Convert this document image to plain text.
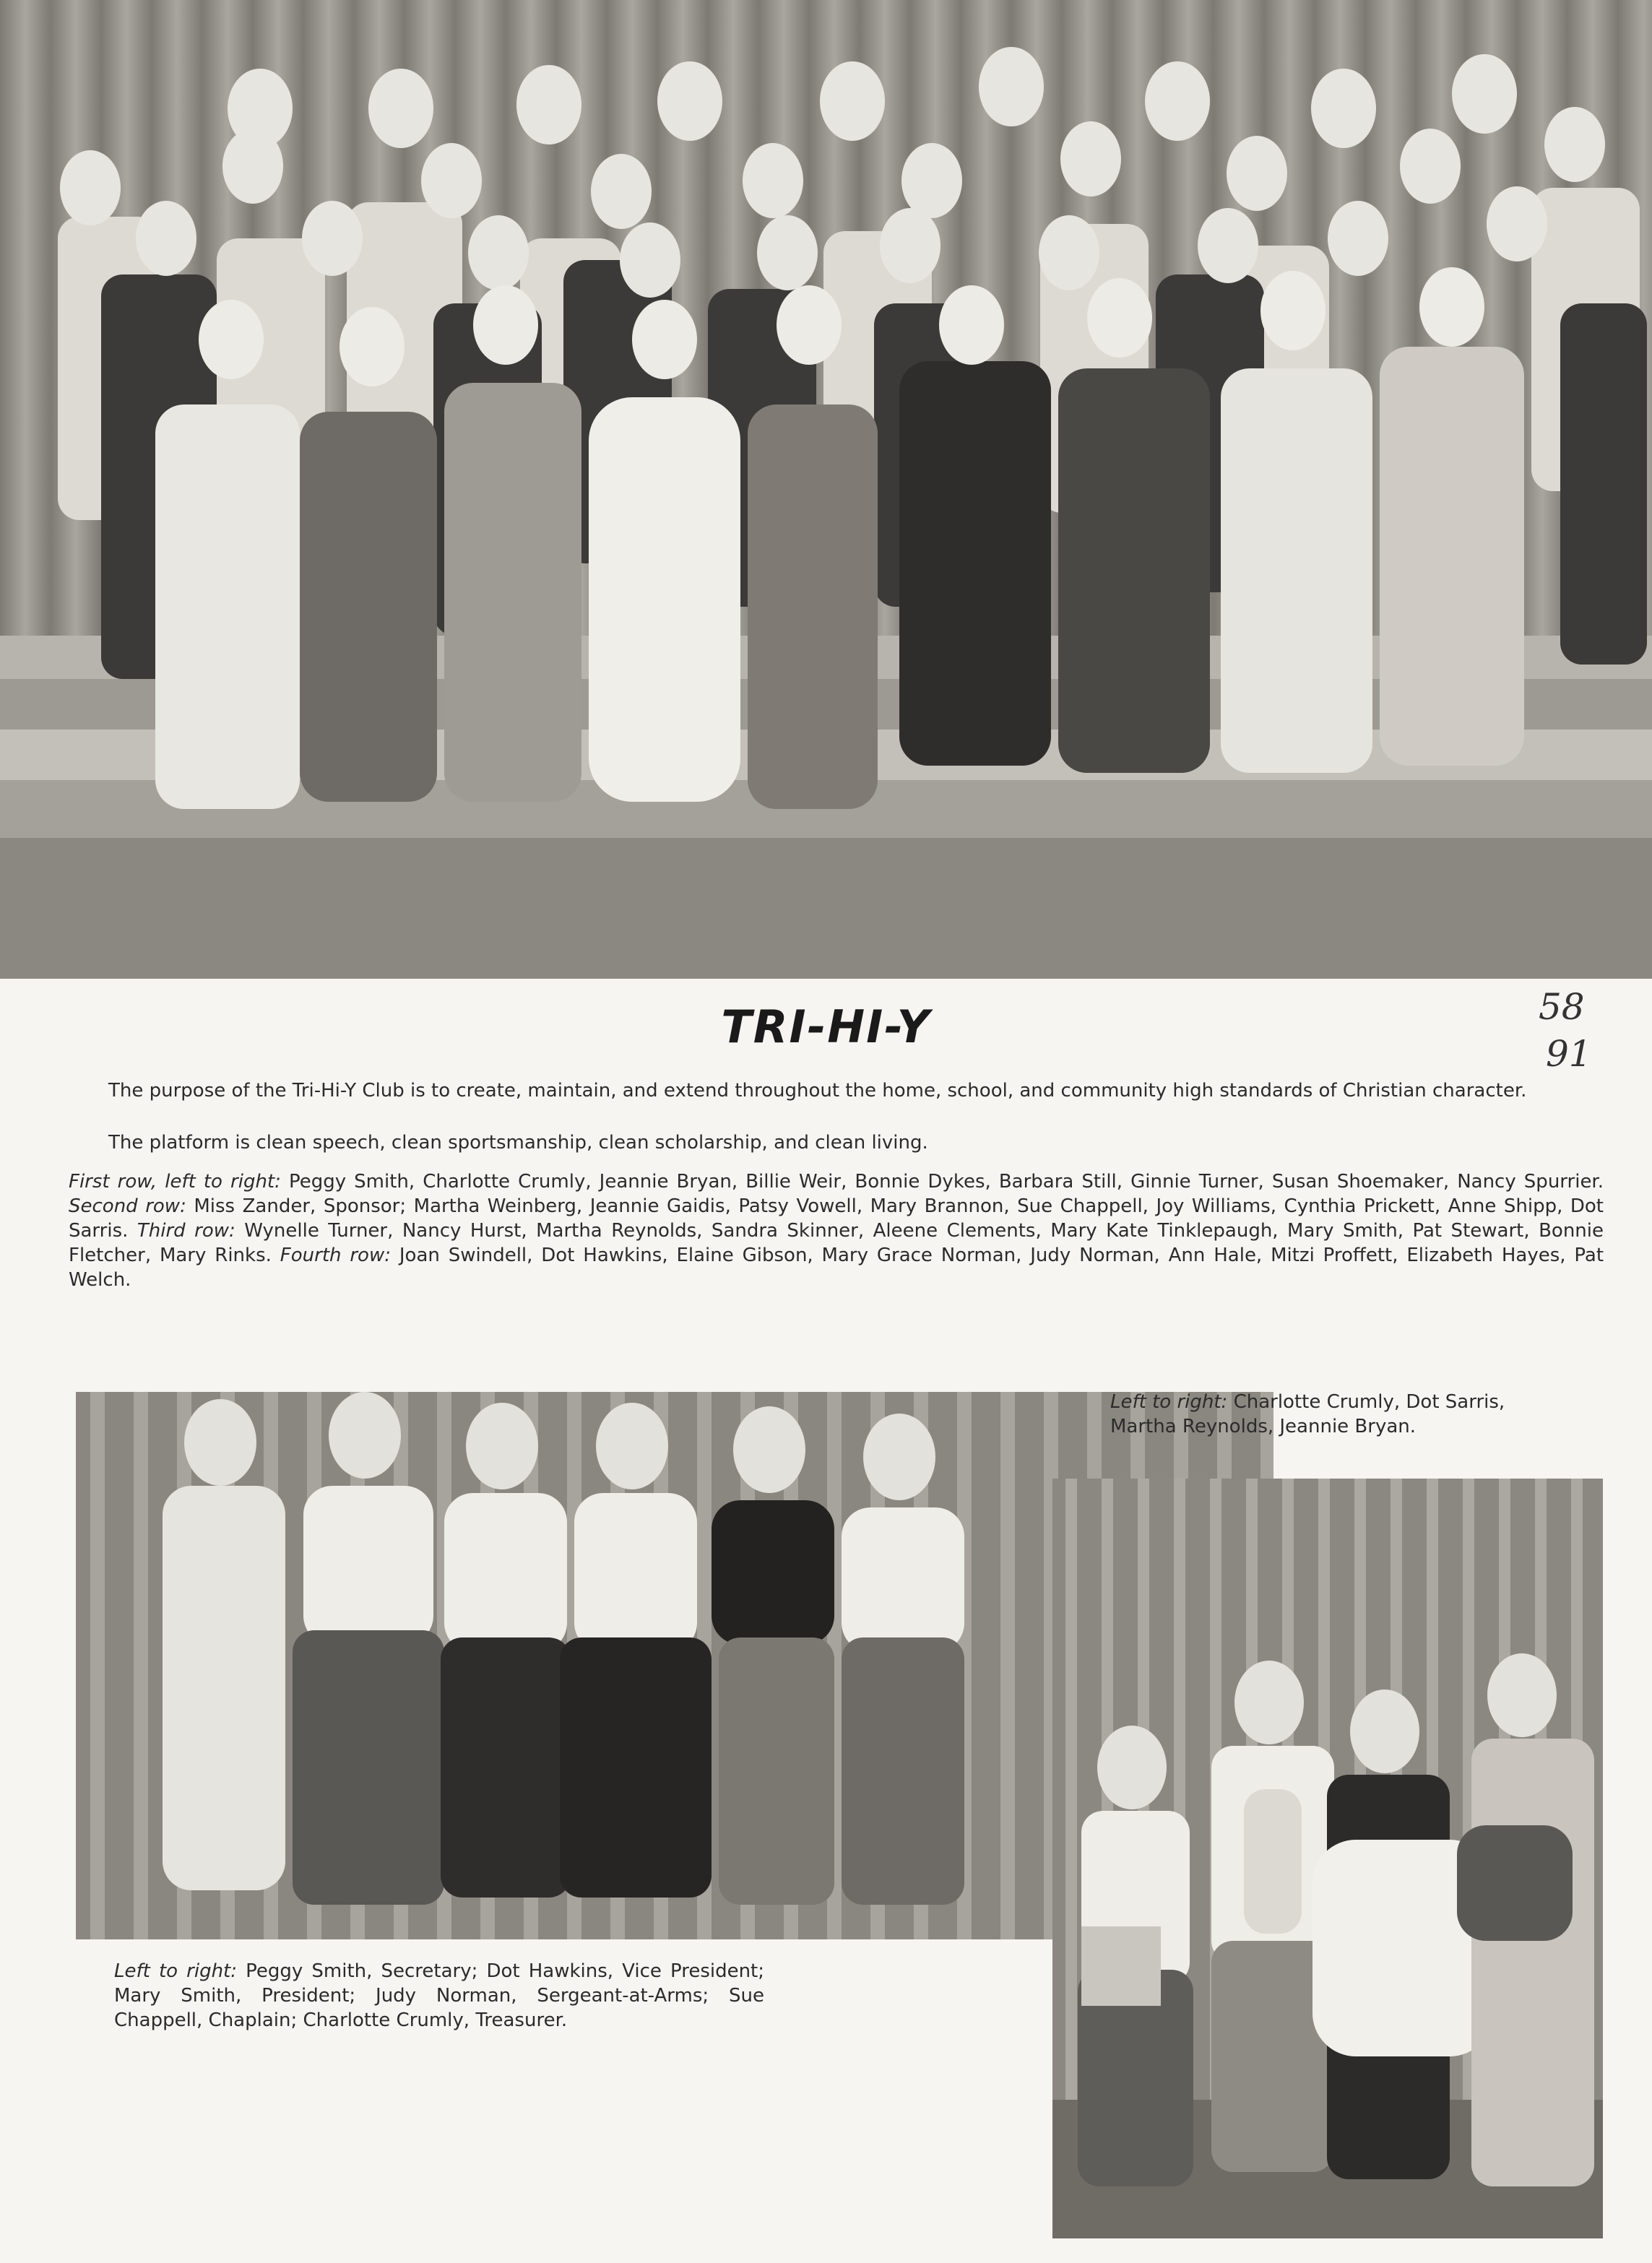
TRI-HI-Y	58
91

The purpose of the Tri-Hi-Y Club is to create, maintain, and extend throughout the home, school, and community high standards of Christian character.

The platform is clean speech, clean sportsmanship, clean scholarship, and clean living.

First row, left to right: Peggy Smith, Charlotte Crumly, Jeannie Bryan, Billie Weir, Bonnie Dykes, Barbara Still, Ginnie Turner, Susan Shoemaker, Nancy Spurrier. Second row: Miss Zander, Sponsor; Martha Weinberg, Jeannie Gaidis, Patsy Vowell, Mary Brannon, Sue Chappell, Joy Williams, Cynthia Prickett, Anne Shipp, Dot Sarris. Third row: Wynelle Turner, Nancy Hurst, Martha Reynolds, Sandra Skinner, Aleene Clements, Mary Kate Tinklepaugh, Mary Smith, Pat Stewart, Bonnie Fletcher, Mary Rinks. Fourth row: Joan Swindell, Dot Hawkins, Elaine Gibson, Mary Grace Norman, Judy Norman, Ann Hale, Mitzi Proffett, Elizabeth Hayes, Pat Welch.

Left to right: Peggy Smith, Secretary; Dot Hawkins, Vice President; Mary Smith, President; Judy Norman, Sergeant-at-Arms; Sue Chappell, Chaplain; Charlotte Crumly, Treasurer.

Left to right: Charlotte Crumly, Dot Sarris,
Martha Reynolds, Jeannie Bryan.
